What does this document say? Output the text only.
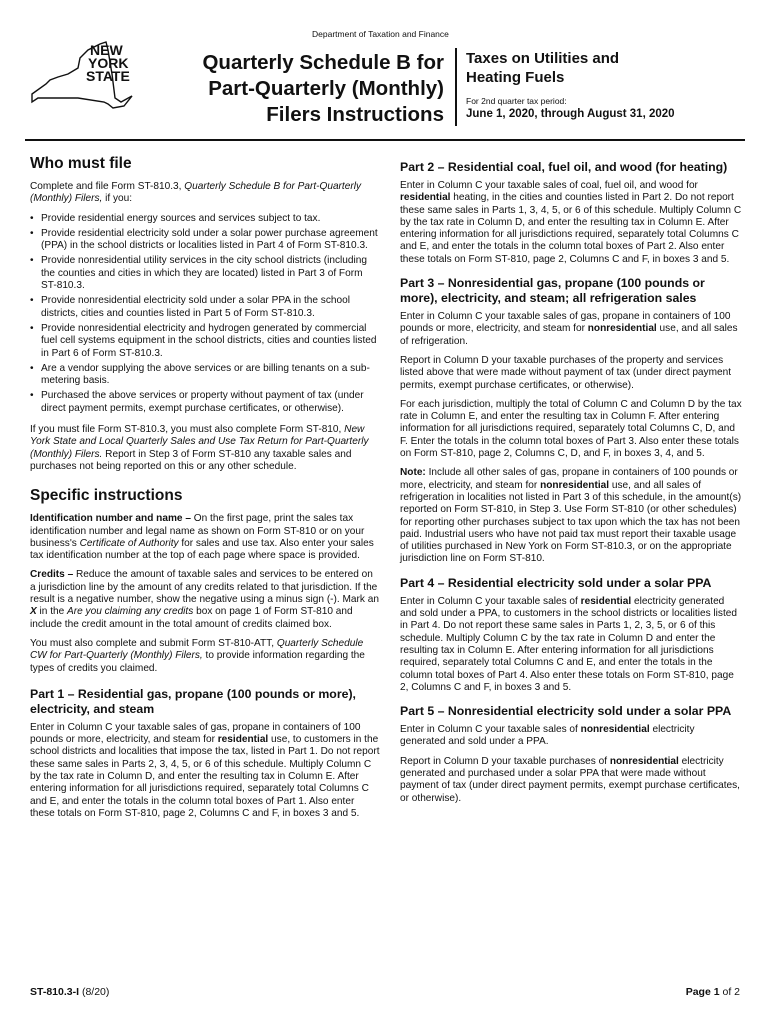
Department of Taxation and Finance
NEW
YORK
STATE
Quarterly Schedule B for
Part-Quarterly (Monthly)
Filers Instructions
Taxes on Utilities and
Heating Fuels
For 2nd quarter tax period:
June 1, 2020, through August 31, 2020
Who must file

Complete and file Form ST-810.3, Quarterly Schedule B for Part-Quarterly (Monthly) Filers, if you:

• Provide residential energy sources and services subject to tax.
• Provide residential electricity sold under a solar power purchase agreement (PPA) in the school districts or localities listed in Part 4 of Form ST-810.3.
• Provide nonresidential utility services in the city school districts (including the counties and cities in which they are located) listed in Part 3 of Form ST-810.3.
• Provide nonresidential electricity sold under a solar PPA in the school districts, cities and counties listed in Part 5 of Form ST-810.3.
• Provide nonresidential electricity and hydrogen generated by commercial fuel cell systems equipment in the school districts, cities and counties listed in Part 6 of Form ST-810.3.
• Are a vendor supplying the above services or are billing tenants on a sub-metering basis.
• Purchased the above services or property without payment of tax (under direct payment permits, exempt purchase certificates, or otherwise).

If you must file Form ST-810.3, you must also complete Form ST-810, New York State and Local Quarterly Sales and Use Tax Return for Part-Quarterly (Monthly) Filers. Report in Step 3 of Form ST-810 any taxable sales and purchases not being reported on this or any other schedule.

Specific instructions

Identification number and name – On the first page, print the sales tax identification number and legal name as shown on Form ST-810 or on your business's Certificate of Authority for sales and use tax. Also enter your sales tax identification number at the top of each page where space is provided.

Credits – Reduce the amount of taxable sales and services to be entered on a jurisdiction line by the amount of any credits related to that jurisdiction. If the result is a negative number, show the negative using a minus sign (-). Mark an X in the Are you claiming any credits box on page 1 of Form ST-810 and include the credit amount in the total amount of credits claimed box.

You must also complete and submit Form ST-810-ATT, Quarterly Schedule CW for Part-Quarterly (Monthly) Filers, to provide information regarding the types of credits you claimed.

Part 1 – Residential gas, propane (100 pounds or more), electricity, and steam

Enter in Column C your taxable sales of gas, propane in containers of 100 pounds or more, electricity, and steam for residential use, to customers in the school districts and localities that impose the tax, listed in Part 1. Do not report these same sales in Parts 2, 3, 4, 5, or 6 of this schedule. Multiply Column C by the tax rate in Column D, and enter the resulting tax in Column E. After entering information for all jurisdictions required, separately total Columns C and E, and enter the totals in the column total boxes of Part 1. Also enter these totals on Form ST-810, page 2, Columns C and F, in boxes 3 and 5.

Part 2 – Residential coal, fuel oil, and wood (for heating)

Enter in Column C your taxable sales of coal, fuel oil, and wood for residential heating, in the cities and counties listed in Part 2. Do not report these same sales in Parts 1, 3, 4, 5, or 6 of this schedule. Multiply Column C by the tax rate in Column D, and enter the resulting tax in Column E. After entering information for all jurisdictions required, separately total Columns C and E, and enter the totals in the column total boxes of Part 2. Also enter these totals on Form ST-810, page 2, Columns C and F, in boxes 3 and 5.

Part 3 – Nonresidential gas, propane (100 pounds or more), electricity, and steam; all refrigeration sales

Enter in Column C your taxable sales of gas, propane in containers of 100 pounds or more, electricity, and steam for nonresidential use, and all sales of refrigeration.

Report in Column D your taxable purchases of the property and services listed above that were made without payment of tax (under direct payment permits, exempt purchase certificates, or otherwise).

For each jurisdiction, multiply the total of Column C and Column D by the tax rate in Column E, and enter the resulting tax in Column F. After entering information for all jurisdictions required, separately total Columns C, D, and F. Enter the totals in the column total boxes of Part 3. Also enter these totals on Form ST-810, page 2, Columns C, D, and F, in boxes 3, 4, and 5.

Note: Include all other sales of gas, propane in containers of 100 pounds or more, electricity, and steam for nonresidential use, and all sales of refrigeration in localities not listed in Part 3 of this schedule, in the amount(s) reported on Form ST-810, in Step 3. Use Form ST-810 (or other schedules) for reporting other purchases subject to tax upon which the tax has not been paid. Industrial users who have not paid tax must report their taxable usage of utilities purchased in New York on Form ST-810.3, or on the appropriate jurisdiction line on Form ST-810.

Part 4 – Residential electricity sold under a solar PPA

Enter in Column C your taxable sales of residential electricity generated and sold under a PPA, to customers in the school districts or localities listed in Part 4. Do not report these same sales in Parts 1, 2, 3, 5, or 6 of this schedule. Multiply Column C by the tax rate in Column D and enter the resulting tax in Column E. After entering information for all jurisdictions required, separately total Columns C and E, and enter the totals in the column total boxes of Part 4. Also enter these totals on Form ST-810, page 2, Columns C and F, in boxes 3 and 5.

Part 5 – Nonresidential electricity sold under a solar PPA

Enter in Column C your taxable sales of nonresidential electricity generated and sold under a PPA.

Report in Column D your taxable purchases of nonresidential electricity generated and purchased under a solar PPA that were made without payment of tax (under direct payment permits, exempt purchase certificates, or otherwise).

ST-810.3-I (8/20)	Page 1 of 2
